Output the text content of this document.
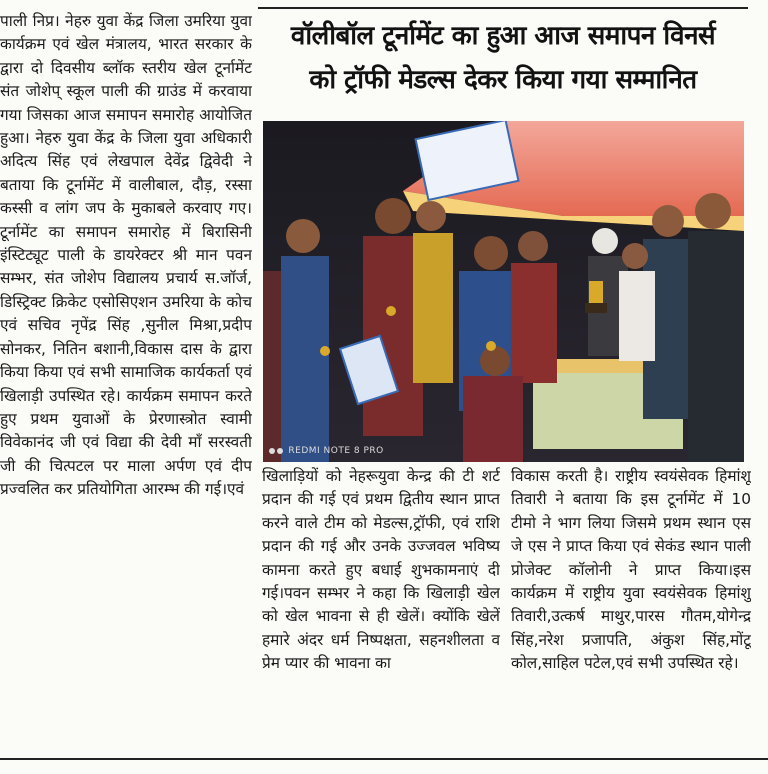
पाली निप्र। नेहरु युवा केंद्र जिला उमरिया युवा कार्यक्रम एवं खेल मंत्रालय, भारत सरकार के द्वारा दो दिवसीय ब्लॉक स्तरीय खेल टूर्नामेंट संत जोशेप् स्कूल पाली की ग्राउंड में करवाया गया जिसका आज समापन समारोह आयोजित हुआ। नेहरु युवा केंद्र के जिला युवा अधिकारी अदित्य सिंह एवं लेखपाल देवेंद्र द्विवेदी ने बताया कि टूर्नामेंट में वालीबाल, दौड़, रस्सा कस्सी व लांग जप के मुकाबले करवाए गए। टूर्नामेंट का समापन समारोह में बिरासिनी इंस्टिट्यूट पाली के डायरेक्टर श्री मान पवन सम्भर, संत जोशेप विद्यालय प्रचार्य स.जॉर्ज, डिस्ट्रिक्ट क्रिकेट एसोसिएशन उमरिया के कोच एवं सचिव नृपेंद्र सिंह ,सुनील मिश्रा,प्रदीप सोनकर, नितिन बशानी,विकास दास के द्वारा किया किया एवं सभी सामाजिक कार्यकर्ता एवं खिलाड़ी उपस्थित रहे। कार्यक्रम समापन करते हुए प्रथम युवाओं के प्रेरणास्त्रोत स्वामी विवेकानंद जी एवं विद्या की देवी माँ सरस्वती जी की चित्पटल पर माला अर्पण एवं दीप प्रज्वलित कर प्रतियोगिता आरम्भ की गई।एवं
वॉलीबॉल टूर्नामेंट का हुआ आज समापन विनर्स
को ट्रॉफी मेडल्स देकर किया गया सम्मानित
REDMI NOTE 8 PRO
खिलाड़ियों को नेहरूयुवा केन्द्र की टी शर्ट प्रदान की गई एवं प्रथम द्वितीय स्थान प्राप्त करने वाले टीम को मेडल्स,ट्रॉफी, एवं राशि प्रदान की गई और उनके उज्जवल भविष्य कामना करते हुए बधाई शुभकामनाएं दी गई।पवन सम्भर ने कहा कि खिलाड़ी खेल को खेल भावना से ही खेलें। क्योंकि खेलें हमारे अंदर धर्म निष्पक्षता, सहनशीलता व प्रेम प्यार की भावना का
विकास करती है। राष्ट्रीय स्वयंसेवक हिमांशू तिवारी ने बताया कि इस टूर्नामेंट में 10 टीमो ने भाग लिया जिसमे प्रथम स्थान एस जे एस ने प्राप्त किया एवं सेकंड स्थान पाली प्रोजेक्ट कॉलोनी ने प्राप्त किया।इस कार्यक्रम में राष्ट्रीय युवा स्वयंसेवक हिमांशु तिवारी,उत्कर्ष माथुर,पारस गौतम,योगेन्द्र सिंह,नरेश प्रजापति, अंकुश सिंह,मोंटू कोल,साहिल पटेल,एवं सभी उपस्थित रहे।
